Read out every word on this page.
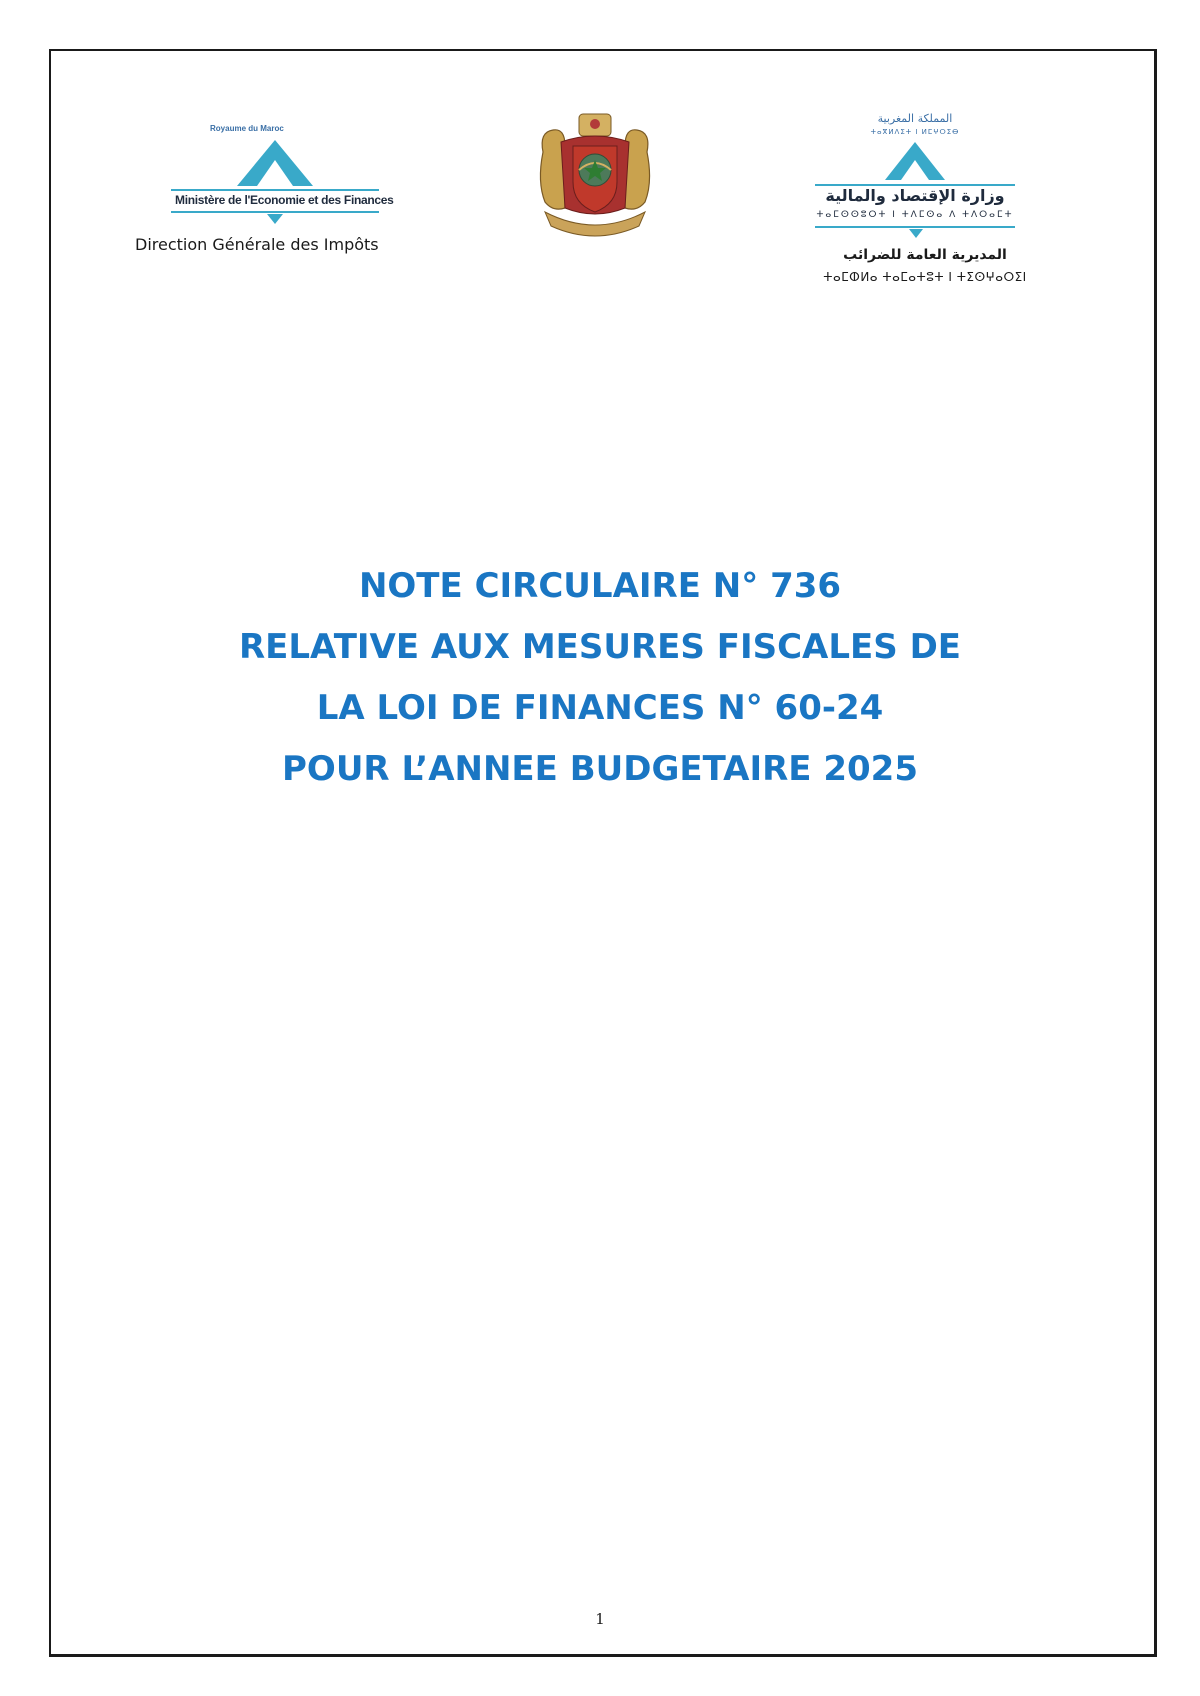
Royaume du Maroc
Ministère de l'Economie et des Finances
Direction Générale des Impôts
المملكة المغربية
ⵜⴰⴳⵍⴷⵉⵜ ⵏ ⵍⵎⵖⵔⵉⴱ
وزارة الإقتصاد والمالية
ⵜⴰⵎⵙⵙⵓⵔⵜ ⵏ ⵜⴷⵎⵙⴰ ⴷ ⵜⴷⵔⴰⵎⵜ
المديرية العامة للضرائب
ⵜⴰⵎⵀⵍⴰ ⵜⴰⵎⴰⵜⵓⵜ ⵏ ⵜⵉⵙⵖⴰⵔⵉⵏ
NOTE CIRCULAIRE N° 736
RELATIVE AUX MESURES FISCALES DE
LA LOI DE FINANCES N° 60-24
POUR L’ANNEE BUDGETAIRE 2025
1
